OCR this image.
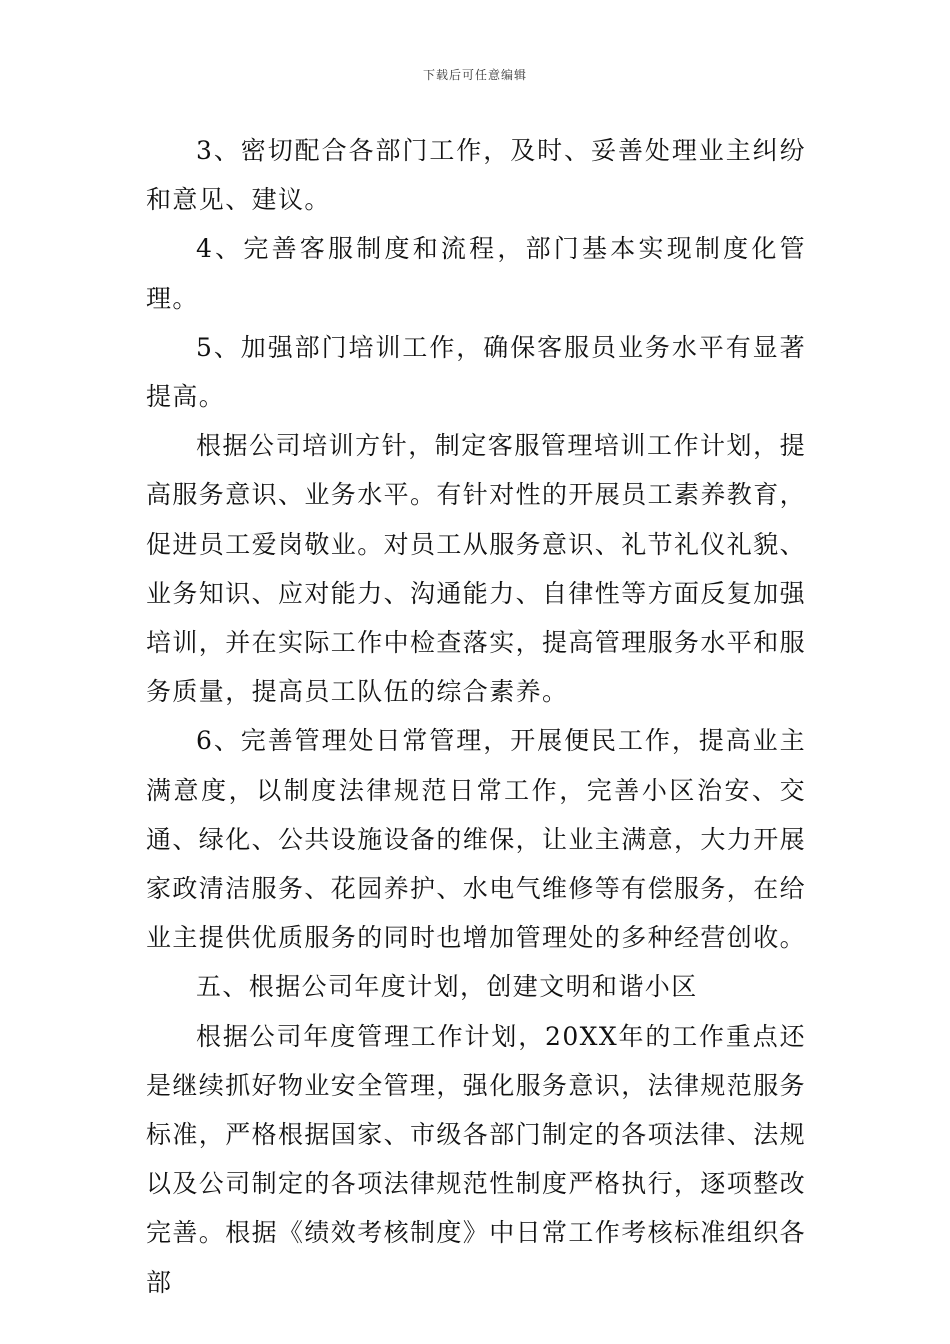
下载后可任意编辑

3、密切配合各部门工作，及时、妥善处理业主纠纷和意见、建议。

4、完善客服制度和流程，部门基本实现制度化管理。

5、加强部门培训工作，确保客服员业务水平有显著提高。

根据公司培训方针，制定客服管理培训工作计划，提高服务意识、业务水平。有针对性的开展员工素养教育，促进员工爱岗敬业。对员工从服务意识、礼节礼仪礼貌、业务知识、应对能力、沟通能力、自律性等方面反复加强培训，并在实际工作中检查落实，提高管理服务水平和服务质量，提高员工队伍的综合素养。

6、完善管理处日常管理，开展便民工作，提高业主满意度，以制度法律规范日常工作，完善小区治安、交通、绿化、公共设施设备的维保，让业主满意，大力开展家政清洁服务、花园养护、水电气维修等有偿服务，在给业主提供优质服务的同时也增加管理处的多种经营创收。

五、根据公司年度计划，创建文明和谐小区

根据公司年度管理工作计划，20XX年的工作重点还是继续抓好物业安全管理，强化服务意识，法律规范服务标准，严格根据国家、市级各部门制定的各项法律、法规以及公司制定的各项法律规范性制度严格执行，逐项整改完善。根据《绩效考核制度》中日常工作考核标准组织各部
